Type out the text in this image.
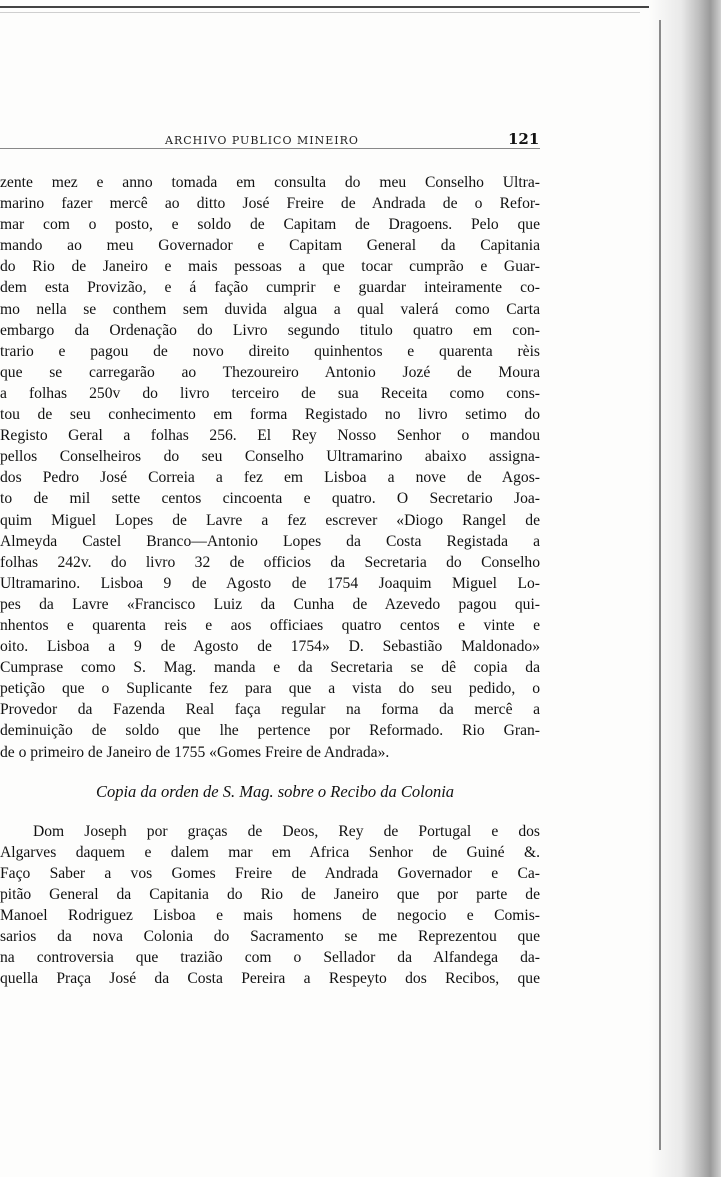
ARCHIVO PUBLICO MINEIRO	121
zente mez e anno tomada em consulta do meu Conselho Ultra-
marino fazer mercê ao ditto José Freire de Andrada de o Refor-
mar com o posto, e soldo de Capitam de Dragoens. Pelo que
mando ao meu Governador e Capitam General da Capitania
do Rio de Janeiro e mais pessoas a que tocar cumprão e Guar-
dem esta Provizão, e á fação cumprir e guardar inteiramente co-
mo nella se conthem sem duvida algua a qual valerá como Carta
embargo da Ordenação do Livro segundo titulo quatro em con-
trario e pagou de novo direito quinhentos e quarenta rèis
que se carregarão ao Thezoureiro Antonio Jozé de Moura
a folhas 250v do livro terceiro de sua Receita como cons-
tou de seu conhecimento em forma Registado no livro setimo do
Registo Geral a folhas 256. El Rey Nosso Senhor o mandou
pellos Conselheiros do seu Conselho Ultramarino abaixo assigna-
dos Pedro José Correia a fez em Lisboa a nove de Agos-
to de mil sette centos cincoenta e quatro. O Secretario Joa-
quim Miguel Lopes de Lavre a fez escrever «Diogo Rangel de
Almeyda Castel Branco—Antonio Lopes da Costa Registada a
folhas 242v. do livro 32 de officios da Secretaria do Conselho
Ultramarino. Lisboa 9 de Agosto de 1754 Joaquim Miguel Lo-
pes da Lavre «Francisco Luiz da Cunha de Azevedo pagou qui-
nhentos e quarenta reis e aos officiaes quatro centos e vinte e
oito. Lisboa a 9 de Agosto de 1754» D. Sebastião Maldonado»
Cumprase como S. Mag. manda e da Secretaria se dê copia da
petição que o Suplicante fez para que a vista do seu pedido, o
Provedor da Fazenda Real faça regular na forma da mercê a
deminuição de soldo que lhe pertence por Reformado. Rio Gran-
de o primeiro de Janeiro de 1755 «Gomes Freire de Andrada».
Copia da orden de S. Mag. sobre o Recibo da Colonia
Dom Joseph por graças de Deos, Rey de Portugal e dos
Algarves daquem e dalem mar em Africa Senhor de Guiné &.
Faço Saber a vos Gomes Freire de Andrada Governador e Ca-
pitão General da Capitania do Rio de Janeiro que por parte de
Manoel Rodriguez Lisboa e mais homens de negocio e Comis-
sarios da nova Colonia do Sacramento se me Reprezentou que
na controversia que trazião com o Sellador da Alfandega da-
quella Praça José da Costa Pereira a Respeyto dos Recibos, que
